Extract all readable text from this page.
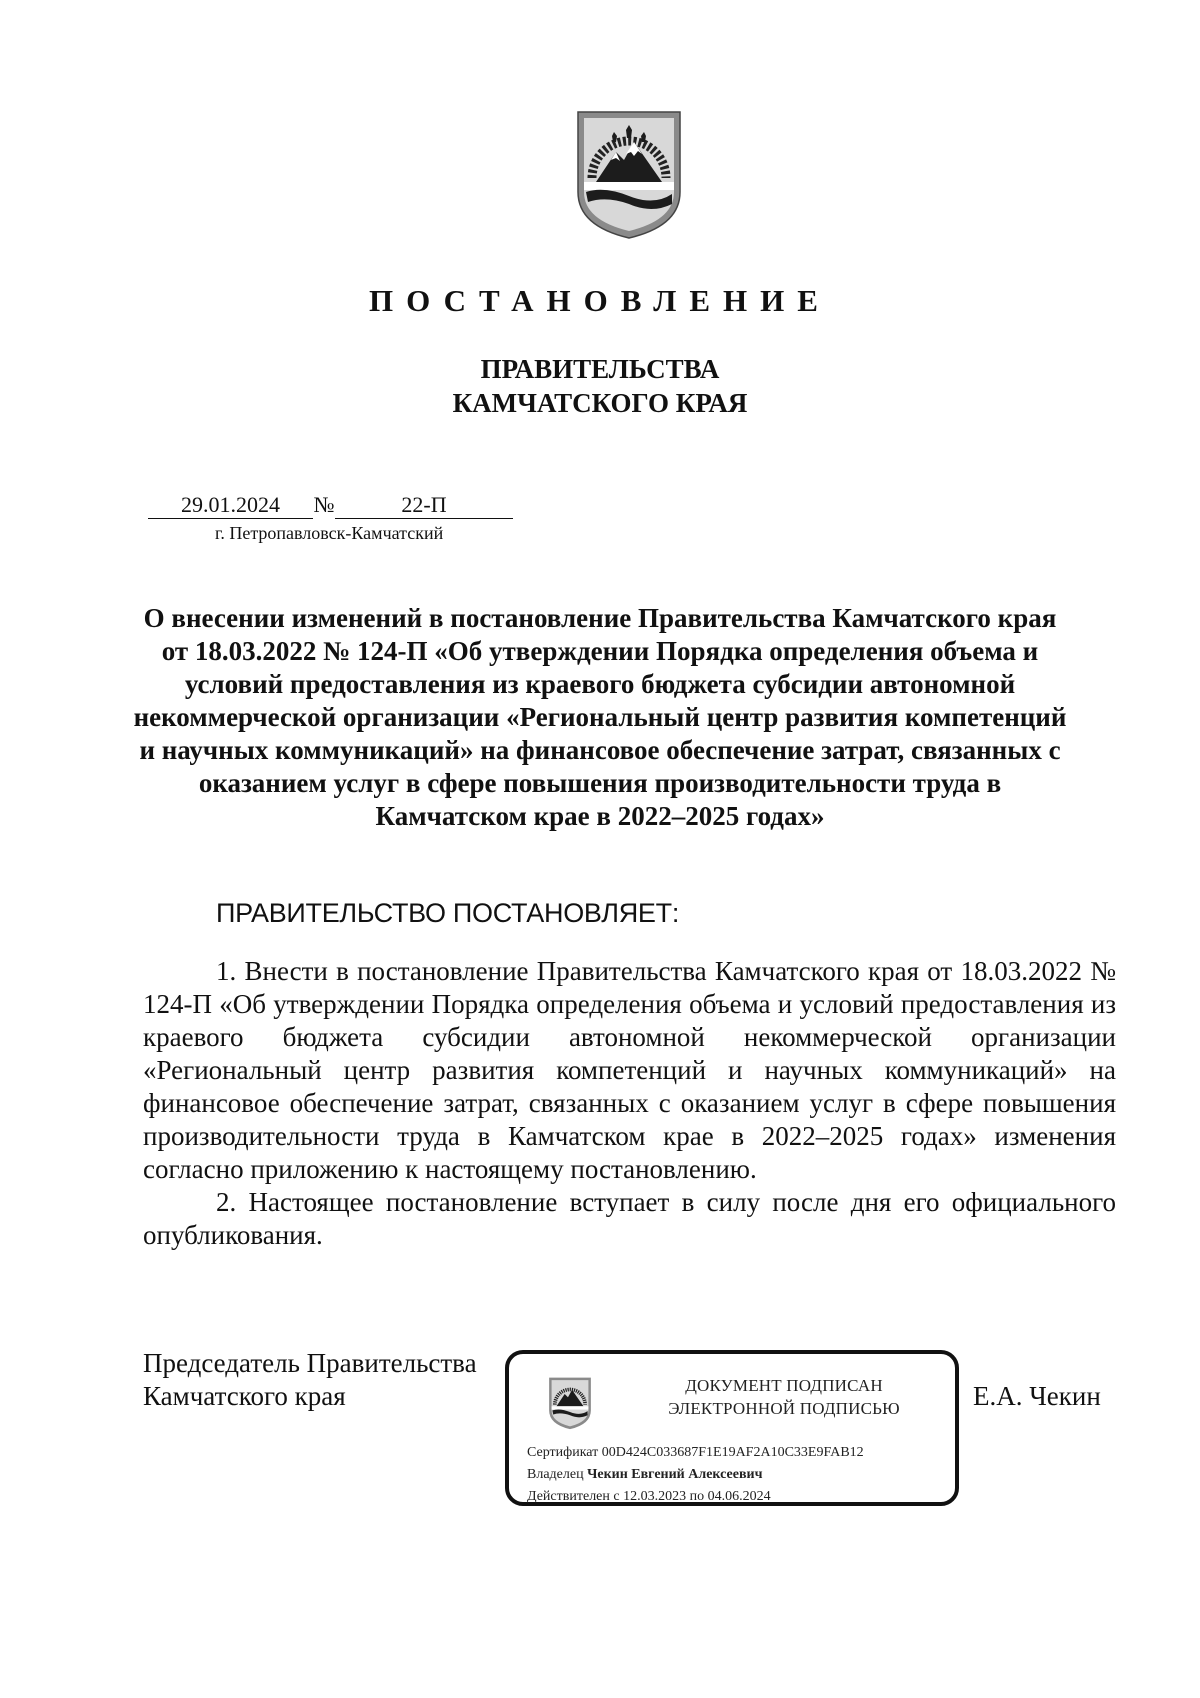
ПОСТАНОВЛЕНИЕ
ПРАВИТЕЛЬСТВА
КАМЧАТСКОГО КРАЯ
29.01.2024	№	22-П
г. Петропавловск-Камчатский
О внесении изменений в постановление Правительства Камчатского края от 18.03.2022 № 124-П «Об утверждении Порядка определения объема и условий предоставления из краевого бюджета субсидии автономной некоммерческой организации «Региональный центр развития компетенций и научных коммуникаций» на финансовое обеспечение затрат, связанных с оказанием услуг в сфере повышения производительности труда в Камчатском крае в 2022–2025 годах»
ПРАВИТЕЛЬСТВО ПОСТАНОВЛЯЕТ:

1. Внести в постановление Правительства Камчатского края от 18.03.2022 № 124-П «Об утверждении Порядка определения объема и условий предоставления из краевого бюджета субсидии автономной некоммерческой организации «Региональный центр развития компетенций и научных коммуникаций» на финансовое обеспечение затрат, связанных с оказанием услуг в сфере повышения производительности труда в Камчатском крае в 2022–2025 годах» изменения согласно приложению к настоящему постановлению.

2. Настоящее постановление вступает в силу после дня его официального опубликования.

Председатель Правительства
Камчатского края	ДОКУМЕНТ ПОДПИСАН
ЭЛЕКТРОННОЙ ПОДПИСЬЮ
Сертификат 00D424C033687F1E19AF2A10C33E9FAB12
Владелец Чекин Евгений Алексеевич
Действителен с 12.03.2023 по 04.06.2024
Е.А. Чекин
